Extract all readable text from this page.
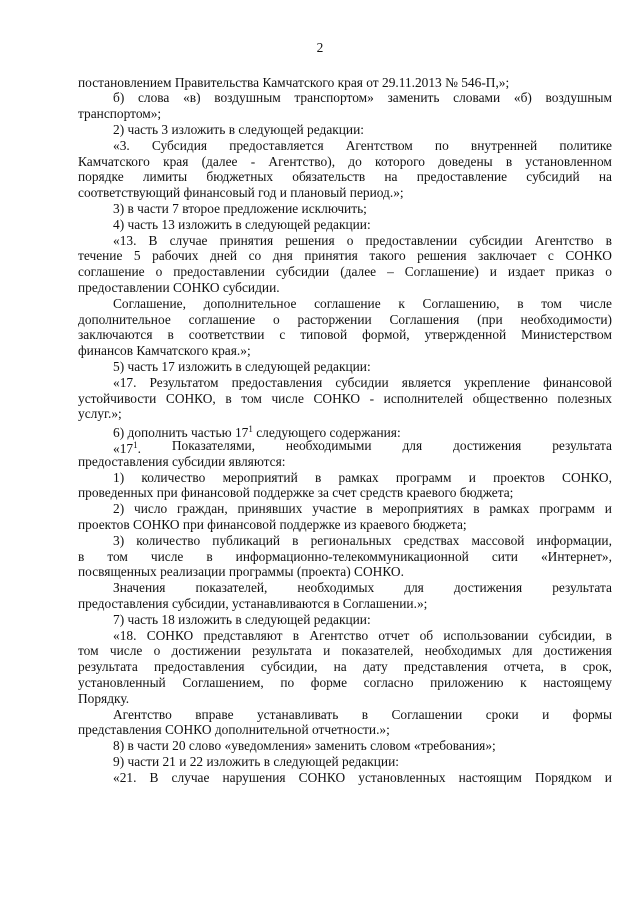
2
постановлением Правительства Камчатского края от 29.11.2013 № 546-П,»;
б) слова «в) воздушным транспортом» заменить словами «б) воздушным
транспортом»;
2) часть 3 изложить в следующей редакции:
«3. Субсидия предоставляется Агентством по внутренней политике
Камчатского края (далее - Агентство), до которого доведены в установленном
порядке лимиты бюджетных обязательств на предоставление субсидий на
соответствующий финансовый год и плановый период.»;
3) в части 7 второе предложение исключить;
4) часть 13 изложить в следующей редакции:
«13. В случае принятия решения о предоставлении субсидии Агентство в
течение 5 рабочих дней со дня принятия такого решения заключает с СОНКО
соглашение о предоставлении субсидии (далее – Соглашение) и издает приказ о
предоставлении СОНКО субсидии.
Соглашение, дополнительное соглашение к Соглашению, в том числе
дополнительное соглашение о расторжении Соглашения (при необходимости)
заключаются в соответствии с типовой формой, утвержденной Министерством
финансов Камчатского края.»;
5) часть 17 изложить в следующей редакции:
«17. Результатом предоставления субсидии является укрепление финансовой
устойчивости СОНКО, в том числе СОНКО - исполнителей общественно полезных
услуг.»;
6) дополнить частью $17^1$ следующего содержания:
«$17^1$. Показателями, необходимыми для достижения результата
предоставления субсидии являются:
1) количество мероприятий в рамках программ и проектов СОНКО,
проведенных при финансовой поддержке за счет средств краевого бюджета;
2) число граждан, принявших участие в мероприятиях в рамках программ и
проектов СОНКО при финансовой поддержке из краевого бюджета;
3) количество публикаций в региональных средствах массовой информации,
в том числе в информационно-телекоммуникационной сити «Интернет»,
посвященных реализации программы (проекта) СОНКО.
Значения показателей, необходимых для достижения результата
предоставления субсидии, устанавливаются в Соглашении.»;
7) часть 18 изложить в следующей редакции:
«18. СОНКО представляют в Агентство отчет об использовании субсидии, в
том числе о достижении результата и показателей, необходимых для достижения
результата предоставления субсидии, на дату представления отчета, в срок,
установленный Соглашением, по форме согласно приложению к настоящему
Порядку.
Агентство вправе устанавливать в Соглашении сроки и формы
представления СОНКО дополнительной отчетности.»;
8) в части 20 слово «уведомления» заменить словом «требования»;
9) части 21 и 22 изложить в следующей редакции:
«21. В случае нарушения СОНКО установленных настоящим Порядком и
